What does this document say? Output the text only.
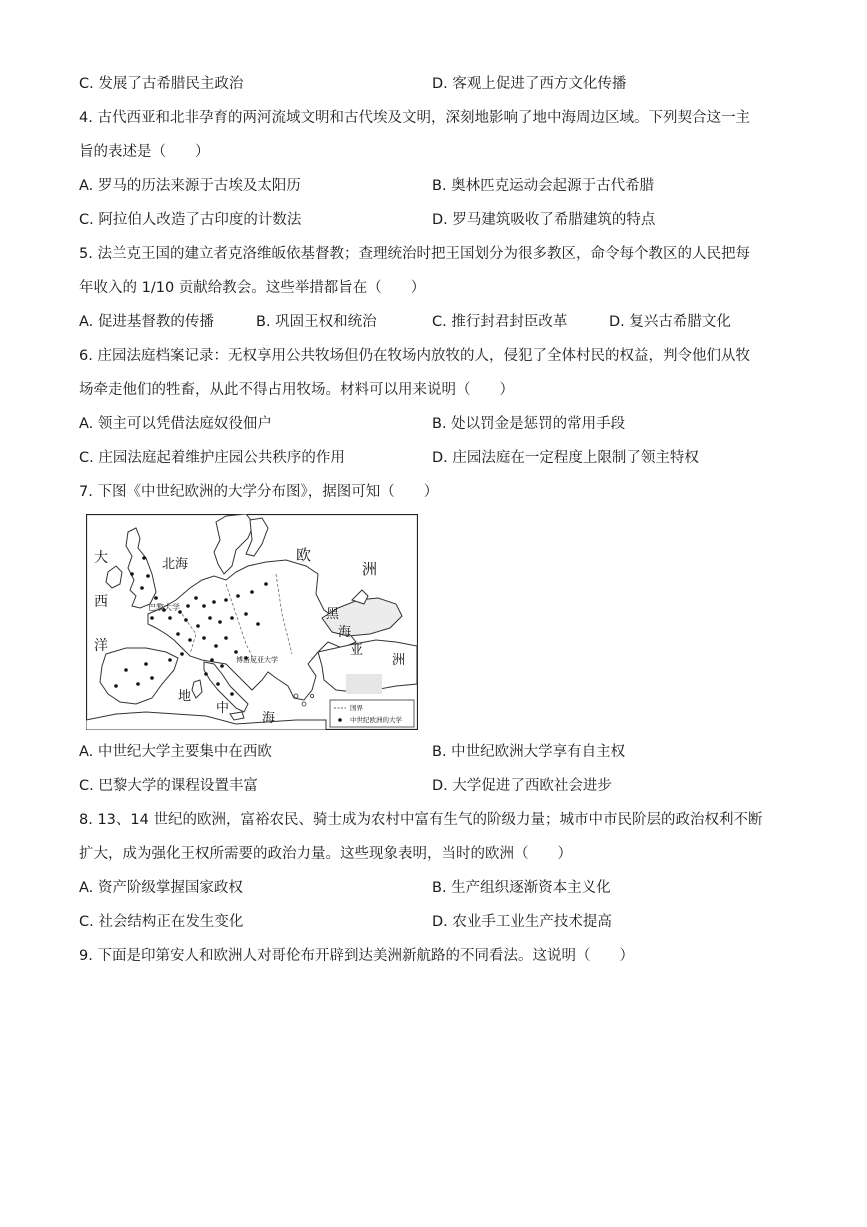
C. 发展了古希腊民主政治	D. 客观上促进了西方文化传播
4. 古代西亚和北非孕育的两河流域文明和古代埃及文明，深刻地影响了地中海周边区域。下列契合这一主
旨的表述是（　　）
A. 罗马的历法来源于古埃及太阳历	B. 奥林匹克运动会起源于古代希腊
C. 阿拉伯人改造了古印度的计数法	D. 罗马建筑吸收了希腊建筑的特点
5. 法兰克王国的建立者克洛维皈依基督教；查理统治时把王国划分为很多教区，命令每个教区的人民把每
年收入的 1/10 贡献给教会。这些举措都旨在（　　）
A. 促进基督教的传播	B. 巩固王权和统治	C. 推行封君封臣改革	D. 复兴古希腊文化
6. 庄园法庭档案记录：无权享用公共牧场但仍在牧场内放牧的人，侵犯了全体村民的权益，判令他们从牧
场牵走他们的牲畜，从此不得占用牧场。材料可以用来说明（　　）
A. 领主可以凭借法庭奴役佃户	B. 处以罚金是惩罚的常用手段
C. 庄园法庭起着维护庄园公共秩序的作用	D. 庄园法庭在一定程度上限制了领主特权
7. 下图《中世纪欧洲的大学分布图》，据图可知（　　）
大
西
洋
北海
欧
洲
黑
海
亚
洲
地
中
海
巴黎大学
博洛尼亚大学
国界
中世纪欧洲的大学
A. 中世纪大学主要集中在西欧	B. 中世纪欧洲大学享有自主权
C. 巴黎大学的课程设置丰富	D. 大学促进了西欧社会进步
8. 13、14 世纪的欧洲，富裕农民、骑士成为农村中富有生气的阶级力量；城市中市民阶层的政治权利不断
扩大，成为强化王权所需要的政治力量。这些现象表明，当时的欧洲（　　）
A. 资产阶级掌握国家政权	B. 生产组织逐渐资本主义化
C. 社会结构正在发生变化	D. 农业手工业生产技术提高
9. 下面是印第安人和欧洲人对哥伦布开辟到达美洲新航路的不同看法。这说明（　　）
